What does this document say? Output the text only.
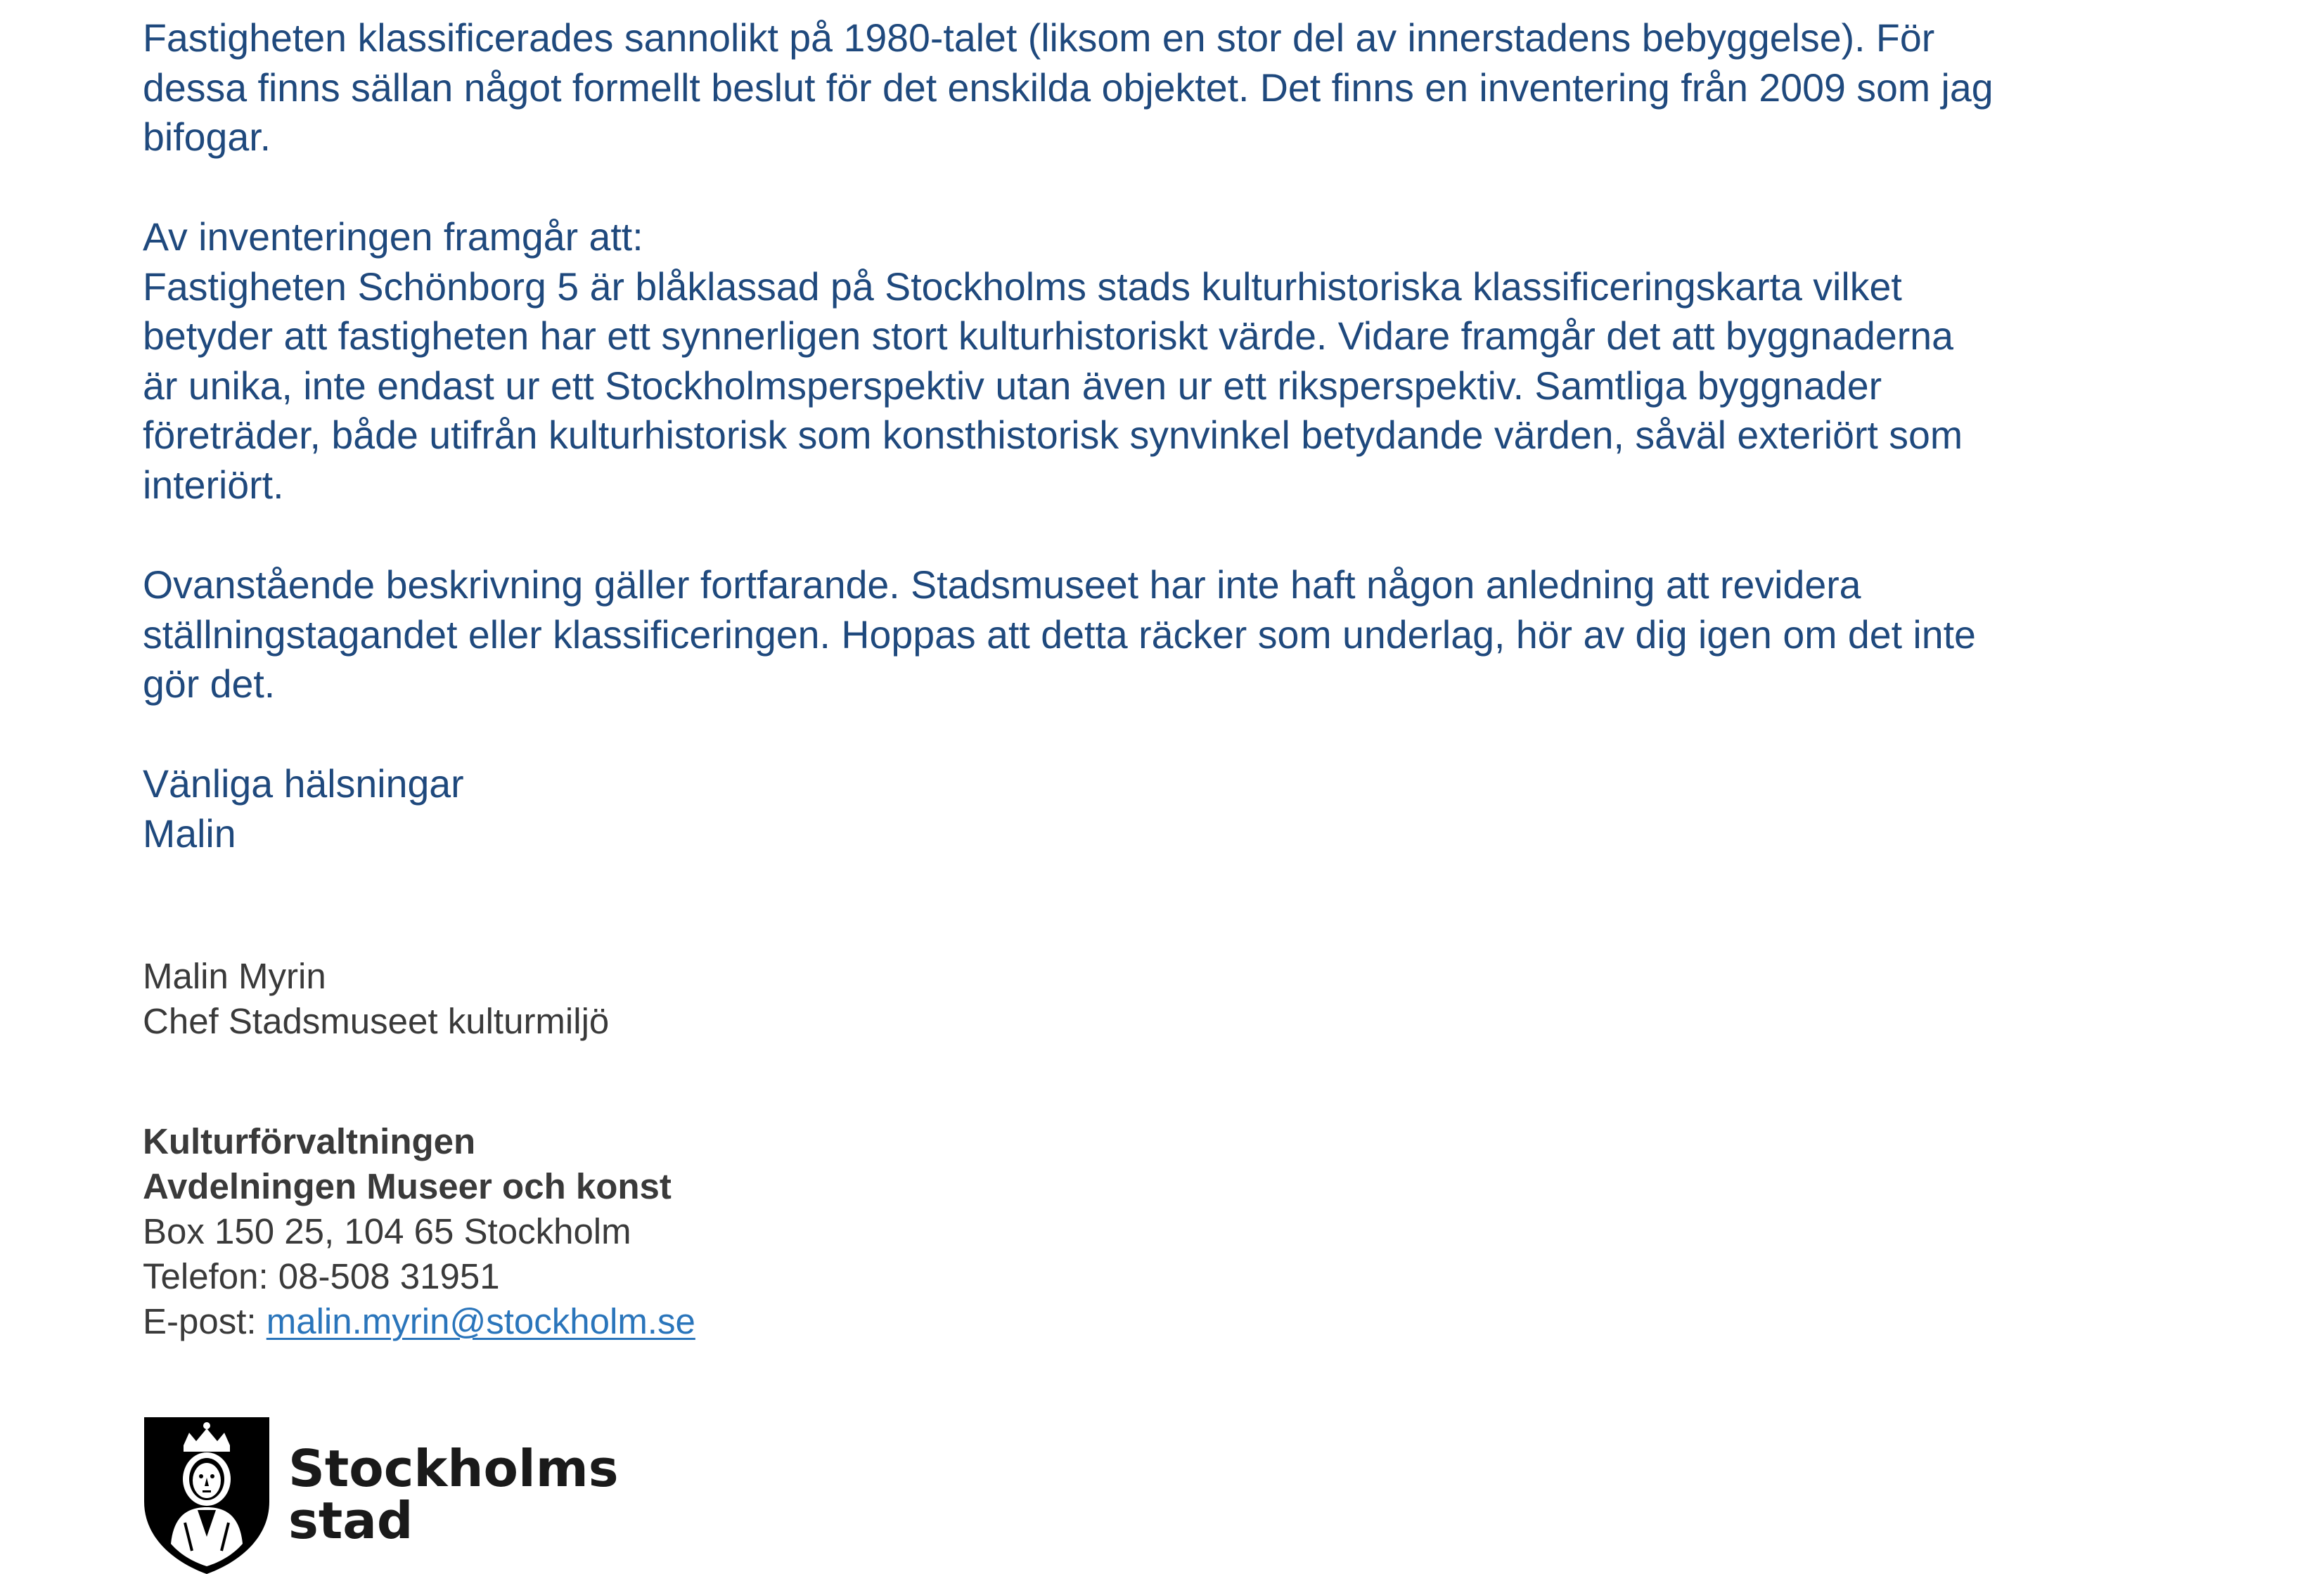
Fastigheten klassificerades sannolikt på 1980-talet (liksom en stor del av innerstadens bebyggelse). För
dessa finns sällan något formellt beslut för det enskilda objektet. Det finns en inventering från 2009 som jag
bifogar.

Av inventeringen framgår att:
Fastigheten Schönborg 5 är blåklassad på Stockholms stads kulturhistoriska klassificeringskarta vilket
betyder att fastigheten har ett synnerligen stort kulturhistoriskt värde. Vidare framgår det att byggnaderna
är unika, inte endast ur ett Stockholmsperspektiv utan även ur ett riksperspektiv. Samtliga byggnader
företräder, både utifrån kulturhistorisk som konsthistorisk synvinkel betydande värden, såväl exteriört som
interiört.

Ovanstående beskrivning gäller fortfarande. Stadsmuseet har inte haft någon anledning att revidera
ställningstagandet eller klassificeringen. Hoppas att detta räcker som underlag, hör av dig igen om det inte
gör det.

Vänliga hälsningar
Malin

Malin Myrin
Chef Stadsmuseet kulturmiljö
Kulturförvaltningen
Avdelningen Museer och konst
Box 150 25, 104 65 Stockholm
Telefon: 08-508 31951
E-post: malin.myrin@stockholm.se
Stockholms
stad
